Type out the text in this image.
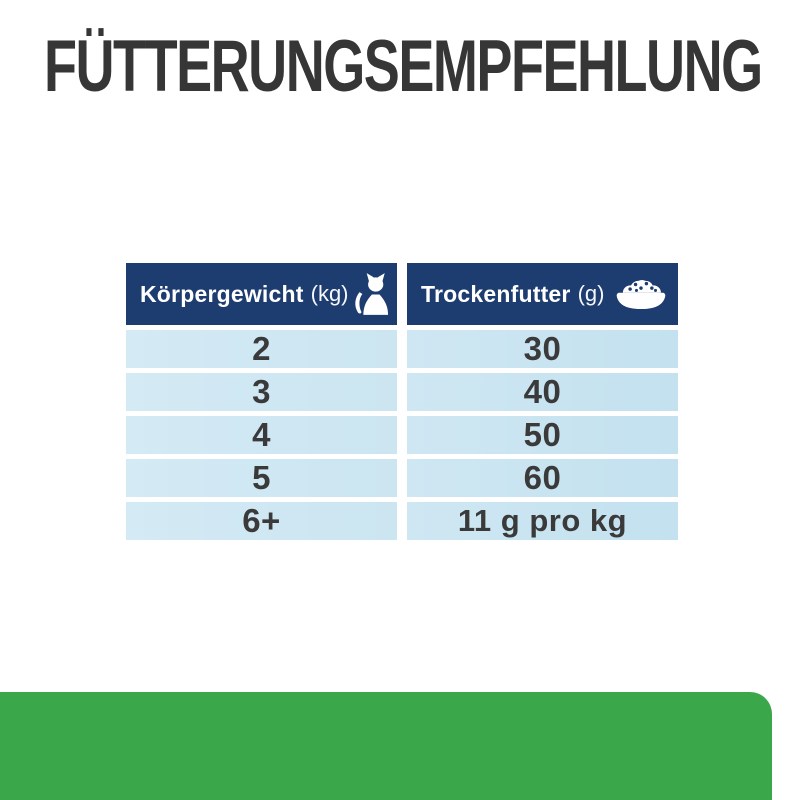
FÜTTERUNGSEMPFEHLUNG
Körpergewicht (kg)	Trockenfutter (g)
2	30
3	40
4	50
5	60
6+	11 g pro kg
